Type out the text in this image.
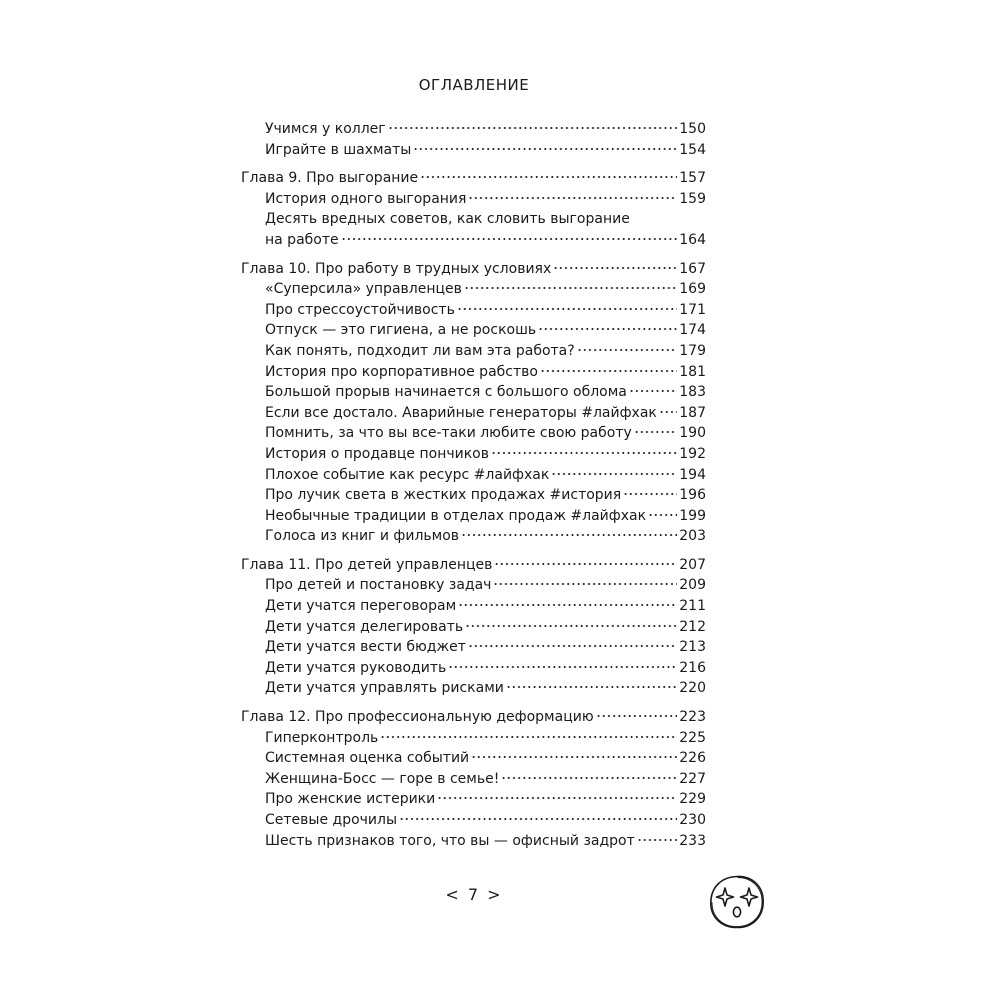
ОГЛАВЛЕНИЕ
Учимся у коллег	150
Играйте в шахматы	154
Глава 9. Про выгорание	157
История одного выгорания	159
Десять вредных советов, как словить выгорание
на работе	164
Глава 10. Про работу в трудных условиях	167
«Суперсила» управленцев	169
Про стрессоустойчивость	171
Отпуск — это гигиена, а не роскошь	174
Как понять, подходит ли вам эта работа?	179
История про корпоративное рабство	181
Большой прорыв начинается с большого облома	183
Если все достало. Аварийные генераторы #лайфхак 187
Помнить, за что вы все-таки любите свою работу	190
История о продавце пончиков	192
Плохое событие как ресурс #лайфхак	194
Про лучик света в жестких продажах #история	196
Необычные традиции в отделах продаж #лайфхак 199
Голоса из книг и фильмов	203
Глава 11. Про детей управленцев	207
Про детей и постановку задач	209
Дети учатся переговорам	211
Дети учатся делегировать	212
Дети учатся вести бюджет	213
Дети учатся руководить	216
Дети учатся управлять рисками	220
Глава 12. Про профессиональную деформацию	223
Гиперконтроль	225
Системная оценка событий	226
Женщина-Босс — горе в семье!	227
Про женские истерики	229
Сетевые дрочилы	230
Шесть признаков того, что вы — офисный задрот	233
< 7 >
